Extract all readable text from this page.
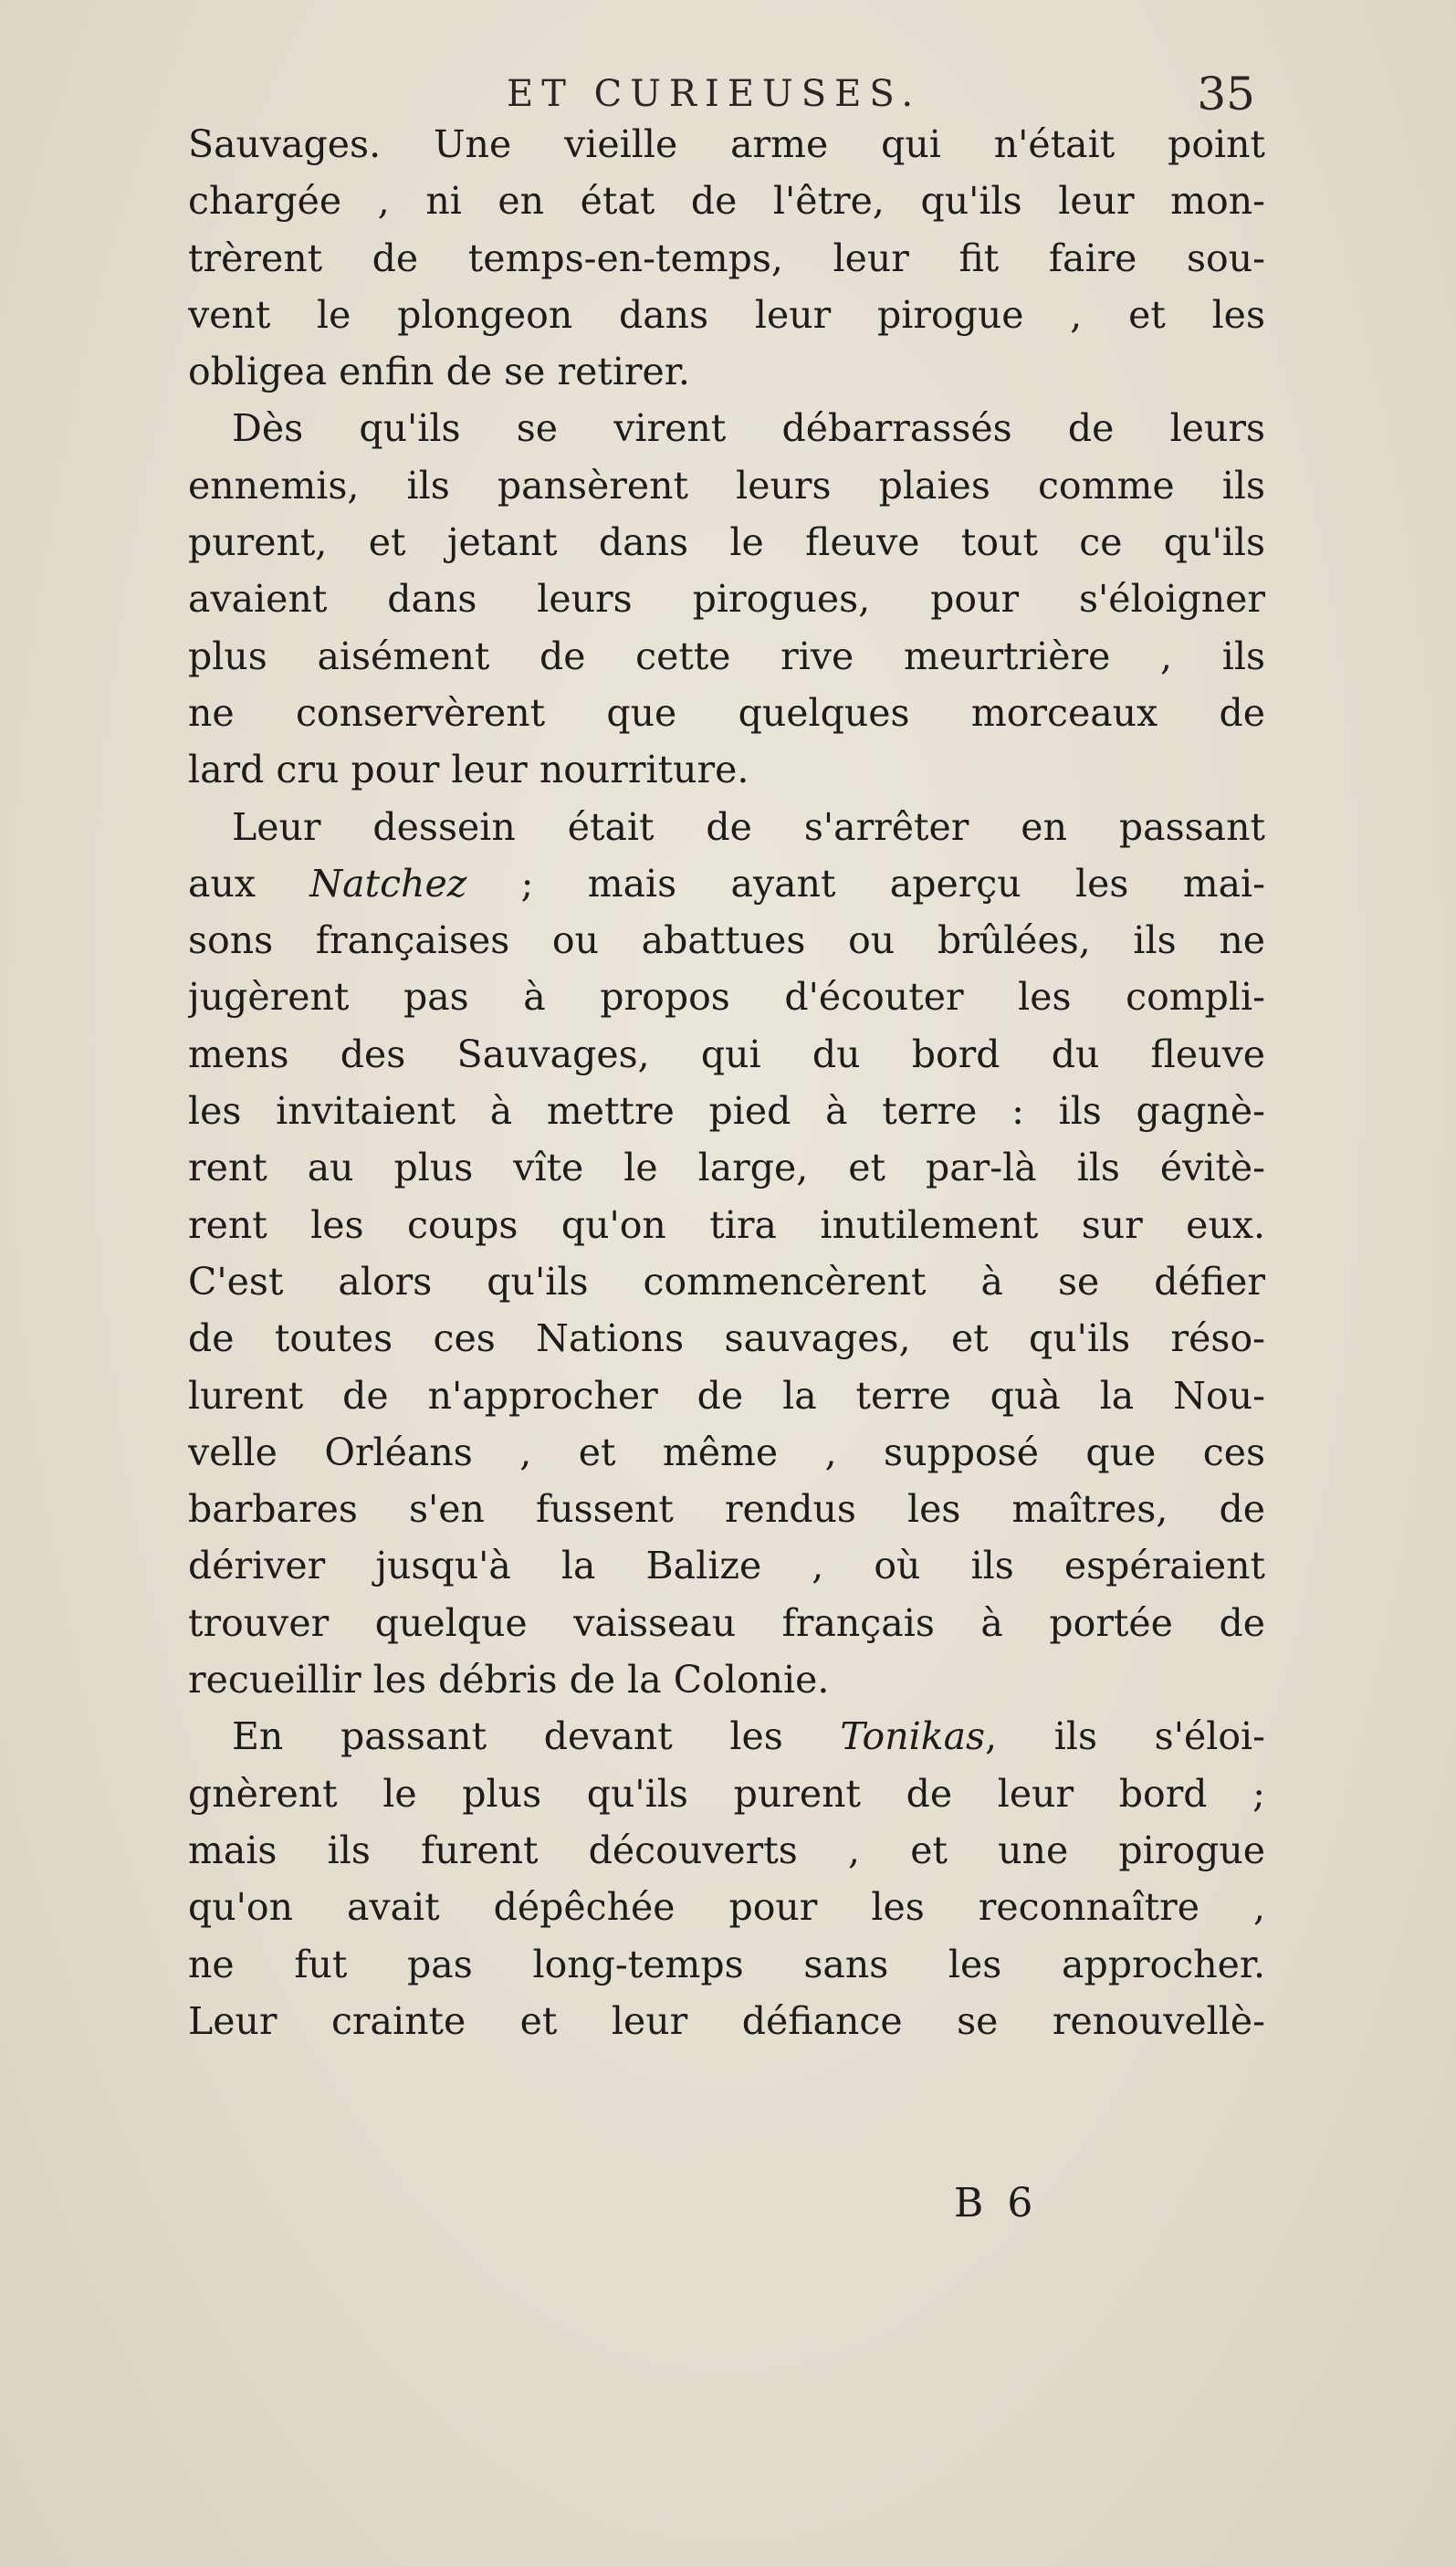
ET CURIEUSES.	35
Sauvages. Une vieille arme qui n'était point
chargée , ni en état de l'être, qu'ils leur mon-
trèrent de temps-en-temps, leur fit faire sou-
vent le plongeon dans leur pirogue , et les
obligea enfin de se retirer.
Dès qu'ils se virent débarrassés de leurs
ennemis, ils pansèrent leurs plaies comme ils
purent, et jetant dans le fleuve tout ce qu'ils
avaient dans leurs pirogues, pour s'éloigner
plus aisément de cette rive meurtrière , ils
ne conservèrent que quelques morceaux de
lard cru pour leur nourriture.
Leur dessein était de s'arrêter en passant
aux Natchez ; mais ayant aperçu les mai-
sons françaises ou abattues ou brûlées, ils ne
jugèrent pas à propos d'écouter les compli-
mens des Sauvages, qui du bord du fleuve
les invitaient à mettre pied à terre : ils gagnè-
rent au plus vîte le large, et par-là ils évitè-
rent les coups qu'on tira inutilement sur eux.
C'est alors qu'ils commencèrent à se défier
de toutes ces Nations sauvages, et qu'ils réso-
lurent de n'approcher de la terre quà la Nou-
velle Orléans , et même , supposé que ces
barbares s'en fussent rendus les maîtres, de
dériver jusqu'à la Balize , où ils espéraient
trouver quelque vaisseau français à portée de
recueillir les débris de la Colonie.
En passant devant les Tonikas, ils s'éloi-
gnèrent le plus qu'ils purent de leur bord ;
mais ils furent découverts , et une pirogue
qu'on avait dépêchée pour les reconnaître ,
ne fut pas long-temps sans les approcher.
Leur crainte et leur défiance se renouvellè-
B 6
